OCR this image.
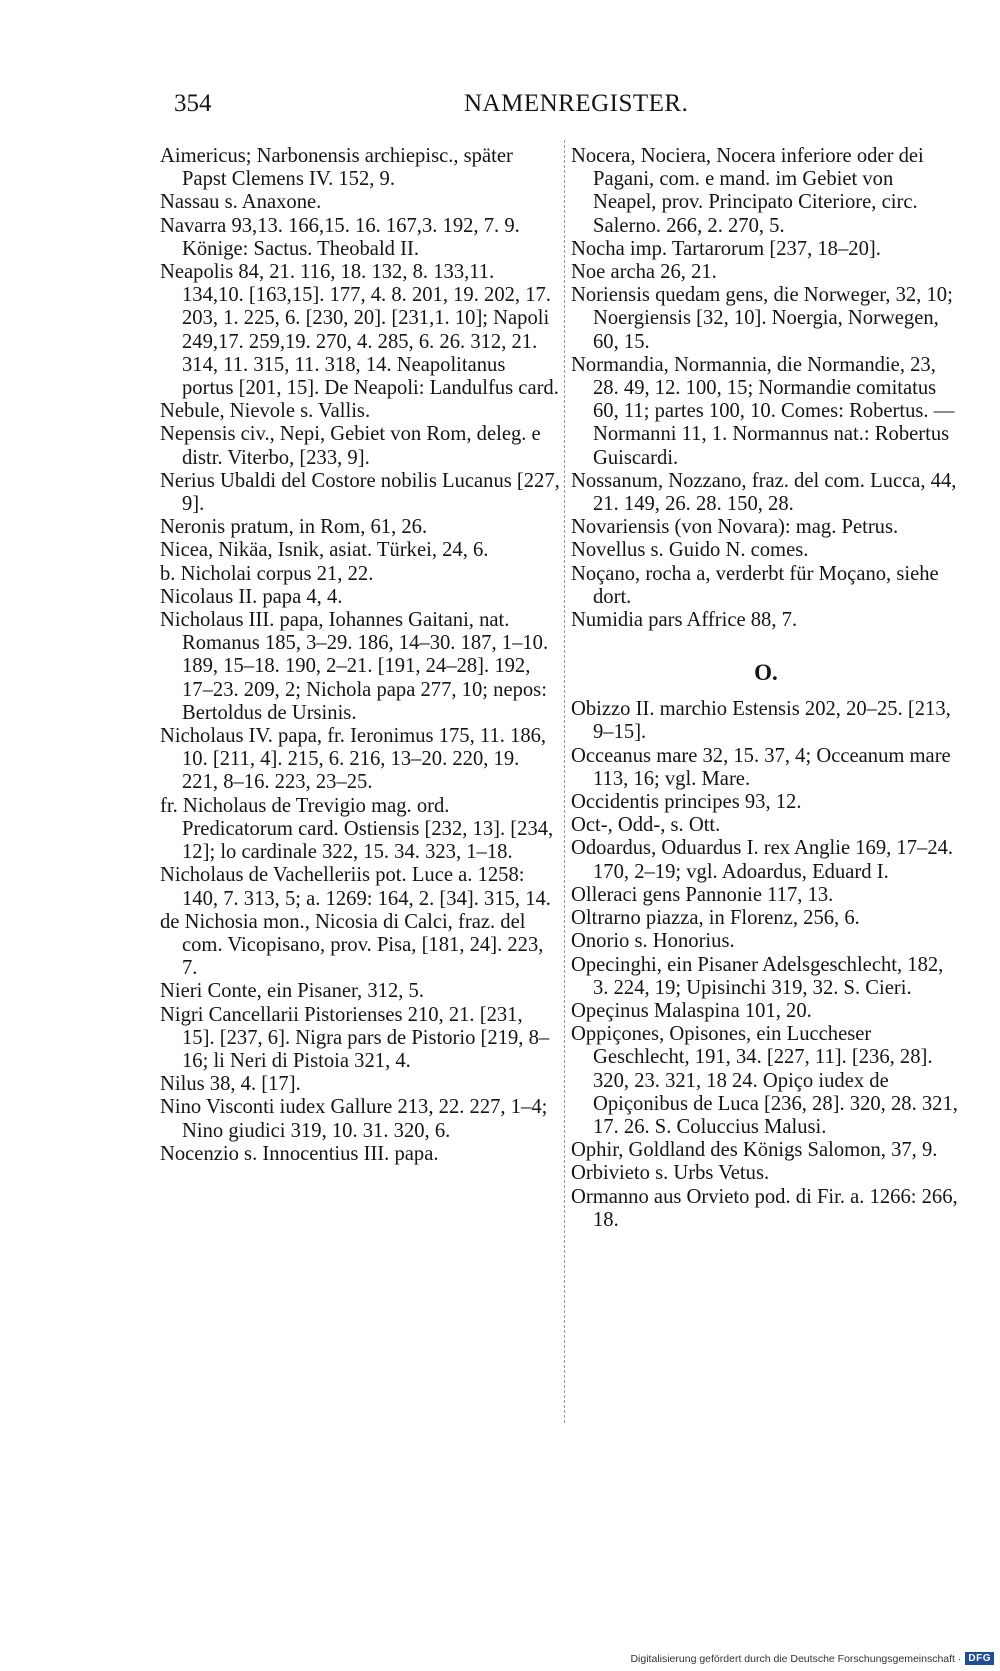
354	NAMENREGISTER.

Aimericus; Narbonensis archiepisc., später Papst Clemens IV. 152, 9.

Nassau s. Anaxone.

Navarra 93,13. 166,15. 16. 167,3. 192, 7. 9. Könige: Sactus. Theobald II.

Neapolis 84, 21. 116, 18. 132, 8. 133,11. 134,10. [163,15]. 177, 4. 8. 201, 19. 202, 17. 203, 1. 225, 6. [230, 20]. [231,1. 10]; Napoli 249,17. 259,19. 270, 4. 285, 6. 26. 312, 21. 314, 11. 315, 11. 318, 14. Neapolitanus portus [201, 15]. De Neapoli: Landulfus card.

Nebule, Nievole s. Vallis.

Nepensis civ., Nepi, Gebiet von Rom, deleg. e distr. Viterbo, [233, 9].

Nerius Ubaldi del Costore nobilis Lucanus [227, 9].

Neronis pratum, in Rom, 61, 26.

Nicea, Nikäa, Isnik, asiat. Türkei, 24, 6.

b. Nicholai corpus 21, 22.

Nicolaus II. papa 4, 4.

Nicholaus III. papa, Iohannes Gaitani, nat. Romanus 185, 3–29. 186, 14–30. 187, 1–10. 189, 15–18. 190, 2–21. [191, 24–28]. 192, 17–23. 209, 2; Nichola papa 277, 10; nepos: Bertoldus de Ursinis.

Nicholaus IV. papa, fr. Ieronimus 175, 11. 186, 10. [211, 4]. 215, 6. 216, 13–20. 220, 19. 221, 8–16. 223, 23–25.

fr. Nicholaus de Trevigio mag. ord. Predicatorum card. Ostiensis [232, 13]. [234, 12]; lo cardinale 322, 15. 34. 323, 1–18.

Nicholaus de Vachelleriis pot. Luce a. 1258: 140, 7. 313, 5; a. 1269: 164, 2. [34]. 315, 14.

de Nichosia mon., Nicosia di Calci, fraz. del com. Vicopisano, prov. Pisa, [181, 24]. 223, 7.

Nieri Conte, ein Pisaner, 312, 5.

Nigri Cancellarii Pistorienses 210, 21. [231, 15]. [237, 6]. Nigra pars de Pistorio [219, 8–16; li Neri di Pistoia 321, 4.

Nilus 38, 4. [17].

Nino Visconti iudex Gallure 213, 22. 227, 1–4; Nino giudici 319, 10. 31. 320, 6.

Nocenzio s. Innocentius III. papa.

Nocera, Nociera, Nocera inferiore oder dei Pagani, com. e mand. im Gebiet von Neapel, prov. Principato Citeriore, circ. Salerno. 266, 2. 270, 5.

Nocha imp. Tartarorum [237, 18–20].

Noe archa 26, 21.

Noriensis quedam gens, die Norweger, 32, 10; Noergiensis [32, 10]. Noergia, Norwegen, 60, 15.

Normandia, Normannia, die Normandie, 23, 28. 49, 12. 100, 15; Normandie comitatus 60, 11; partes 100, 10. Comes: Robertus. — Normanni 11, 1. Normannus nat.: Robertus Guiscardi.

Nossanum, Nozzano, fraz. del com. Lucca, 44, 21. 149, 26. 28. 150, 28.

Novariensis (von Novara): mag. Petrus.

Novellus s. Guido N. comes.

Noçano, rocha a, verderbt für Moçano, siehe dort.

Numidia pars Affrice 88, 7.

O.

Obizzo II. marchio Estensis 202, 20–25. [213, 9–15].

Occeanus mare 32, 15. 37, 4; Occeanum mare 113, 16; vgl. Mare.

Occidentis principes 93, 12.

Oct-, Odd-, s. Ott.

Odoardus, Oduardus I. rex Anglie 169, 17–24. 170, 2–19; vgl. Adoardus, Eduard I.

Olleraci gens Pannonie 117, 13.

Oltrarno piazza, in Florenz, 256, 6.

Onorio s. Honorius.

Opecinghi, ein Pisaner Adelsgeschlecht, 182, 3. 224, 19; Upisinchi 319, 32. S. Cieri.

Opeçinus Malaspina 101, 20.

Oppiçones, Opisones, ein Luccheser Geschlecht, 191, 34. [227, 11]. [236, 28]. 320, 23. 321, 18 24. Opiço iudex de Opiçonibus de Luca [236, 28]. 320, 28. 321, 17. 26. S. Coluccius Malusi.

Ophir, Goldland des Königs Salomon, 37, 9.

Orbivieto s. Urbs Vetus.

Ormanno aus Orvieto pod. di Fir. a. 1266: 266, 18.

Digitalisierung gefördert durch die Deutsche Forschungsgemeinschaft · DFG
